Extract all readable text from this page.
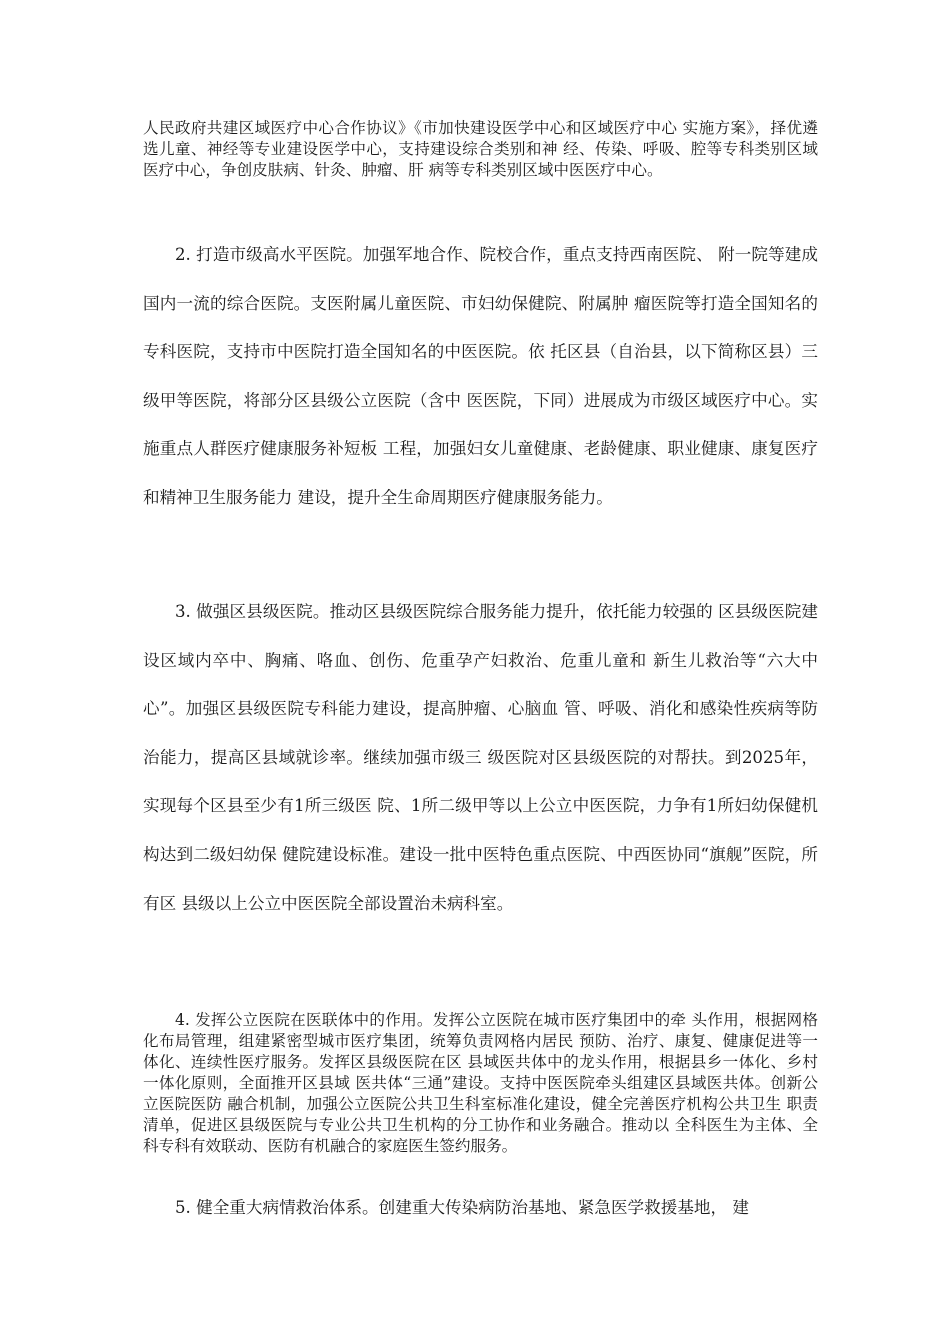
人民政府共建区域医疗中心合作协议》《市加快建设医学中心和区域医疗中心 实施方案》，择优遴选儿童、神经等专业建设医学中心，支持建设综合类别和神 经、传染、呼吸、腔等专科类别区域医疗中心，争创皮肤病、针灸、肿瘤、肝 病等专科类别区域中医医疗中心。

2. 打造市级高水平医院。加强军地合作、院校合作，重点支持西南医院、 附一院等建成国内一流的综合医院。支医附属儿童医院、市妇幼保健院、附属肿 瘤医院等打造全国知名的专科医院，支持市中医院打造全国知名的中医医院。依 托区县（自治县，以下简称区县）三级甲等医院，将部分区县级公立医院（含中 医医院，下同）进展成为市级区域医疗中心。实施重点人群医疗健康服务补短板 工程，加强妇女儿童健康、老龄健康、职业健康、康复医疗和精神卫生服务能力 建设，提升全生命周期医疗健康服务能力。

3. 做强区县级医院。推动区县级医院综合服务能力提升，依托能力较强的 区县级医院建设区域内卒中、胸痛、咯血、创伤、危重孕产妇救治、危重儿童和 新生儿救治等“六大中心”。加强区县级医院专科能力建设，提高肿瘤、心脑血 管、呼吸、消化和感染性疾病等防治能力，提高区县域就诊率。继续加强市级三 级医院对区县级医院的对帮扶。到2025年，实现每个区县至少有1所三级医 院、1所二级甲等以上公立中医医院，力争有1所妇幼保健机构达到二级妇幼保 健院建设标准。建设一批中医特色重点医院、中西医协同“旗舰”医院，所有区 县级以上公立中医医院全部设置治未病科室。

4. 发挥公立医院在医联体中的作用。发挥公立医院在城市医疗集团中的牵 头作用，根据网格化布局管理，组建紧密型城市医疗集团，统筹负责网格内居民 预防、治疗、康复、健康促进等一体化、连续性医疗服务。发挥区县级医院在区 县域医共体中的龙头作用，根据县乡一体化、乡村一体化原则，全面推开区县域 医共体“三通”建设。支持中医医院牵头组建区县域医共体。创新公立医院医防 融合机制，加强公立医院公共卫生科室标准化建设，健全完善医疗机构公共卫生 职责清单，促进区县级医院与专业公共卫生机构的分工协作和业务融合。推动以 全科医生为主体、全科专科有效联动、医防有机融合的家庭医生签约服务。

5. 健全重大病情救治体系。创建重大传染病防治基地、紧急医学救援基地， 建
